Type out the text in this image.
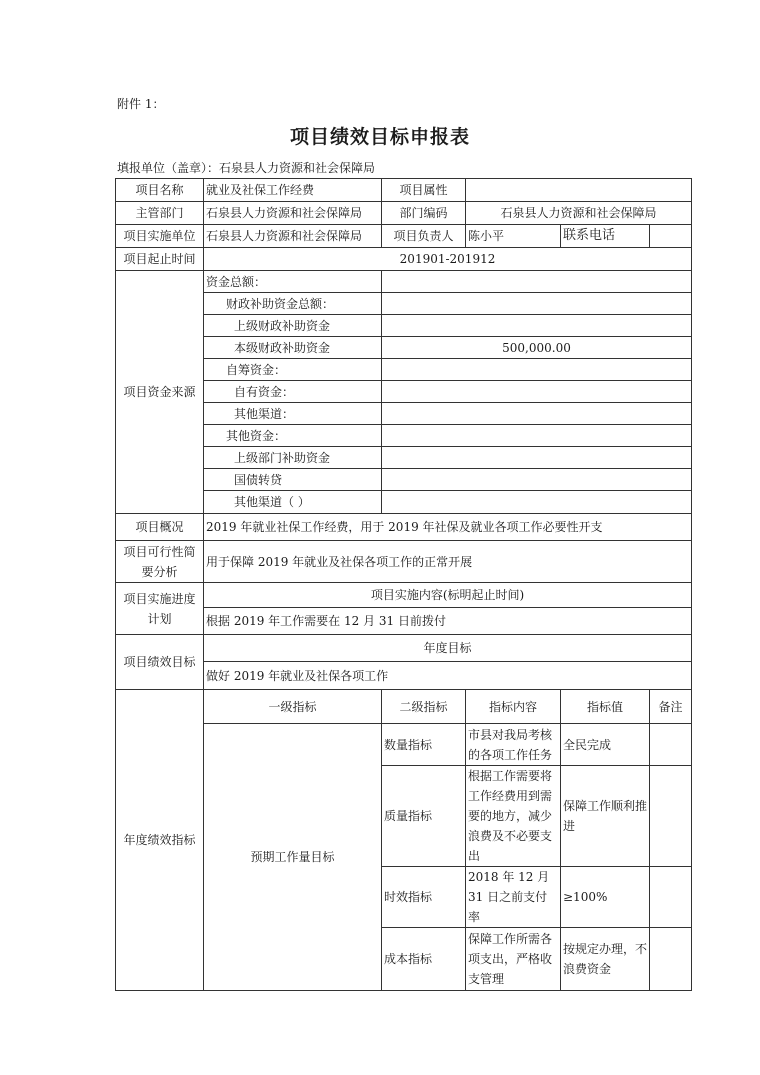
附件 1：
项目绩效目标申报表
填报单位（盖章）：石泉县人力资源和社会保障局
项目名称	就业及社保工作经费	项目属性			
主管部门	石泉县人力资源和社会保障局	部门编码	石泉县人力资源和社会保障局		
项目实施单位	石泉县人力资源和社会保障局	项目负责人	陈小平	联系电话	
项目起止时间	201901-201912				
项目资金来源	资金总额：				
	财政补助资金总额：				
	上级财政补助资金				
	本级财政补助资金	500,000.00			
	自筹资金：				
	自有资金：				
	其他渠道：				
	其他资金：				
	上级部门补助资金				
	国债转贷				
	其他渠道（ ）				
项目概况	2019 年就业社保工作经费，用于 2019 年社保及就业各项工作必要性开支				
项目可行性简要分析	用于保障 2019 年就业及社保各项工作的正常开展				
项目实施进度计划	项目实施内容(标明起止时间)				
	根据 2019 年工作需要在 12 月 31 日前拨付				
项目绩效目标	年度目标				
	做好 2019 年就业及社保各项工作				
年度绩效指标	一级指标	二级指标	指标内容	指标值	备注
	预期工作量目标	数量指标	市县对我局考核的各项工作任务	全民完成	
		质量指标	根据工作需要将工作经费用到需要的地方，减少浪费及不必要支出	保障工作顺利推进	
		时效指标	2018 年 12 月 31 日之前支付率	≥100%	
		成本指标	保障工作所需各项支出，严格收支管理	按规定办理，不浪费资金	
